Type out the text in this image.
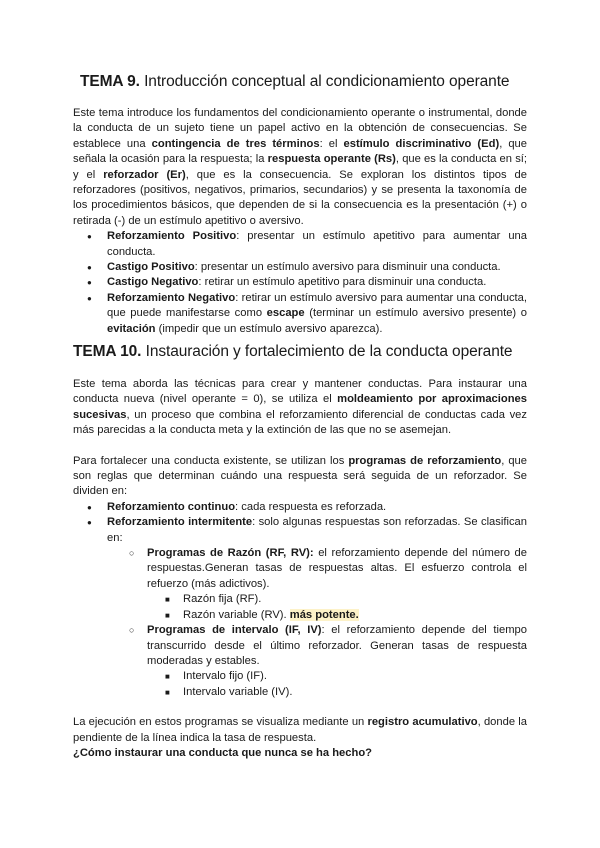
TEMA 9. Introducción conceptual al condicionamiento operante

Este tema introduce los fundamentos del condicionamiento operante o instrumental, donde la conducta de un sujeto tiene un papel activo en la obtención de consecuencias. Se establece una contingencia de tres términos: el estímulo discriminativo (Ed), que señala la ocasión para la respuesta; la respuesta operante (Rs), que es la conducta en sí; y el reforzador (Er), que es la consecuencia. Se exploran los distintos tipos de reforzadores (positivos, negativos, primarios, secundarios) y se presenta la taxonomía de los procedimientos básicos, que dependen de si la consecuencia es la presentación (+) o retirada (-) de un estímulo apetitivo o aversivo.

● Reforzamiento Positivo: presentar un estímulo apetitivo para aumentar una conducta.
● Castigo Positivo: presentar un estímulo aversivo para disminuir una conducta.
● Castigo Negativo: retirar un estímulo apetitivo para disminuir una conducta.
● Reforzamiento Negativo: retirar un estímulo aversivo para aumentar una conducta, que puede manifestarse como escape (terminar un estímulo aversivo presente) o evitación (impedir que un estímulo aversivo aparezca).
TEMA 10. Instauración y fortalecimiento de la conducta operante

Este tema aborda las técnicas para crear y mantener conductas. Para instaurar una conducta nueva (nivel operante = 0), se utiliza el moldeamiento por aproximaciones sucesivas, un proceso que combina el reforzamiento diferencial de conductas cada vez más parecidas a la conducta meta y la extinción de las que no se asemejan.

Para fortalecer una conducta existente, se utilizan los programas de reforzamiento, que son reglas que determinan cuándo una respuesta será seguida de un reforzador. Se dividen en:

● Reforzamiento continuo: cada respuesta es reforzada.
● Reforzamiento intermitente: solo algunas respuestas son reforzadas. Se clasifican en:
○ Programas de Razón (RF, RV): el reforzamiento depende del número de respuestas.Generan tasas de respuestas altas. El esfuerzo controla el refuerzo (más adictivos).
■ Razón fija (RF).
■ Razón variable (RV). más potente.
○ Programas de intervalo (IF, IV): el reforzamiento depende del tiempo transcurrido desde el último reforzador. Generan tasas de respuesta moderadas y estables.
■ Intervalo fijo (IF).
■ Intervalo variable (IV).

La ejecución en estos programas se visualiza mediante un registro acumulativo, donde la pendiente de la línea indica la tasa de respuesta.

¿Cómo instaurar una conducta que nunca se ha hecho?
